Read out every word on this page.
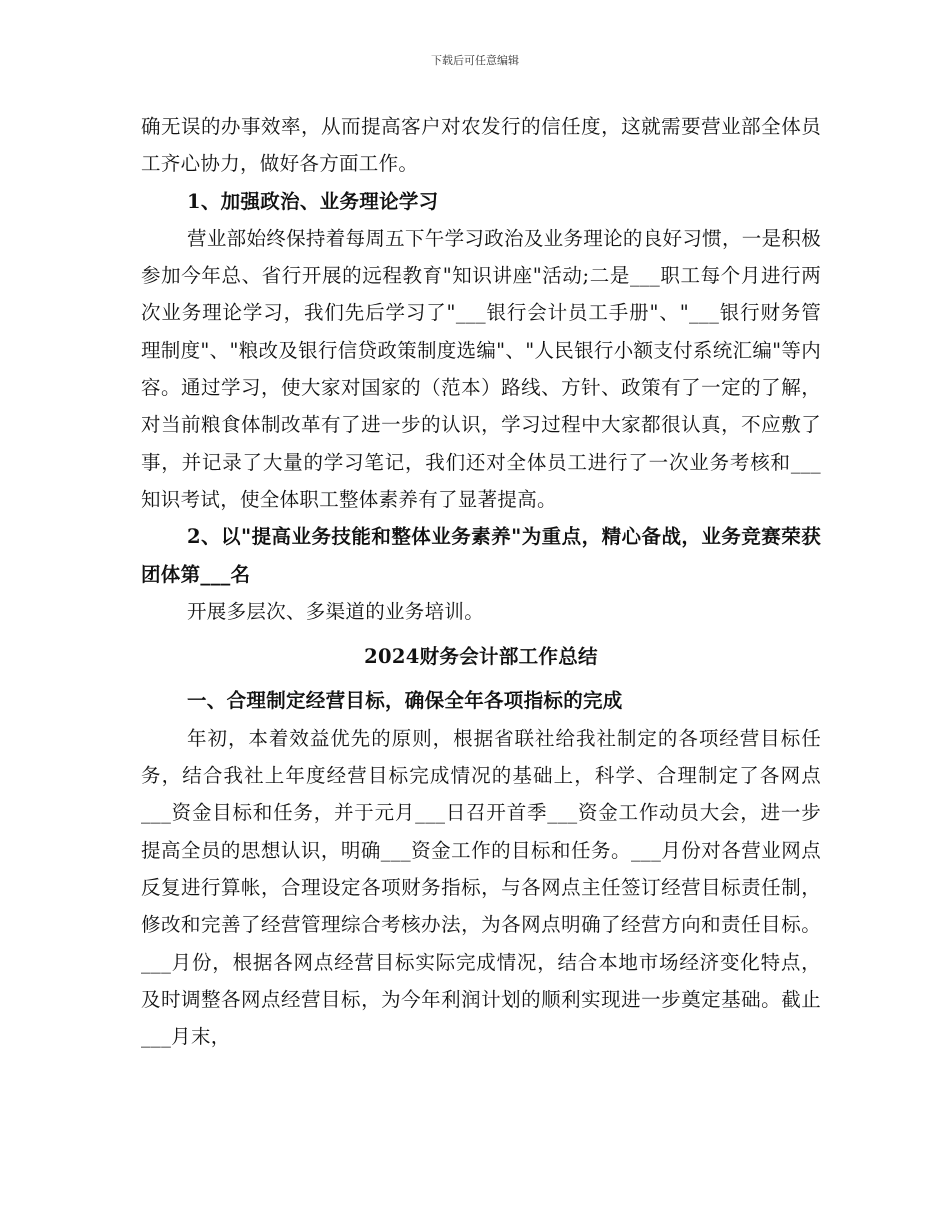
下载后可任意编辑

确无误的办事效率，从而提高客户对农发行的信任度，这就需要营业部全体员工齐心协力，做好各方面工作。

1、加强政治、业务理论学习

营业部始终保持着每周五下午学习政治及业务理论的良好习惯，一是积极参加今年总、省行开展的远程教育"知识讲座"活动;二是___职工每个月进行两次业务理论学习，我们先后学习了"___银行会计员工手册"、"___银行财务管理制度"、"粮改及银行信贷政策制度选编"、"人民银行小额支付系统汇编"等内容。通过学习，使大家对国家的（范本）路线、方针、政策有了一定的了解，对当前粮食体制改革有了进一步的认识，学习过程中大家都很认真，不应敷了事，并记录了大量的学习笔记，我们还对全体员工进行了一次业务考核和___知识考试，使全体职工整体素养有了显著提高。

2、以"提高业务技能和整体业务素养"为重点，精心备战，业务竞赛荣获团体第___名

开展多层次、多渠道的业务培训。

2024财务会计部工作总结

一、合理制定经营目标，确保全年各项指标的完成

年初，本着效益优先的原则，根据省联社给我社制定的各项经营目标任务，结合我社上年度经营目标完成情况的基础上，科学、合理制定了各网点___资金目标和任务，并于元月___日召开首季___资金工作动员大会，进一步提高全员的思想认识，明确___资金工作的目标和任务。___月份对各营业网点反复进行算帐，合理设定各项财务指标，与各网点主任签订经营目标责任制，修改和完善了经营管理综合考核办法，为各网点明确了经营方向和责任目标。___月份，根据各网点经营目标实际完成情况，结合本地市场经济变化特点，及时调整各网点经营目标，为今年利润计划的顺利实现进一步奠定基础。截止___月末，
